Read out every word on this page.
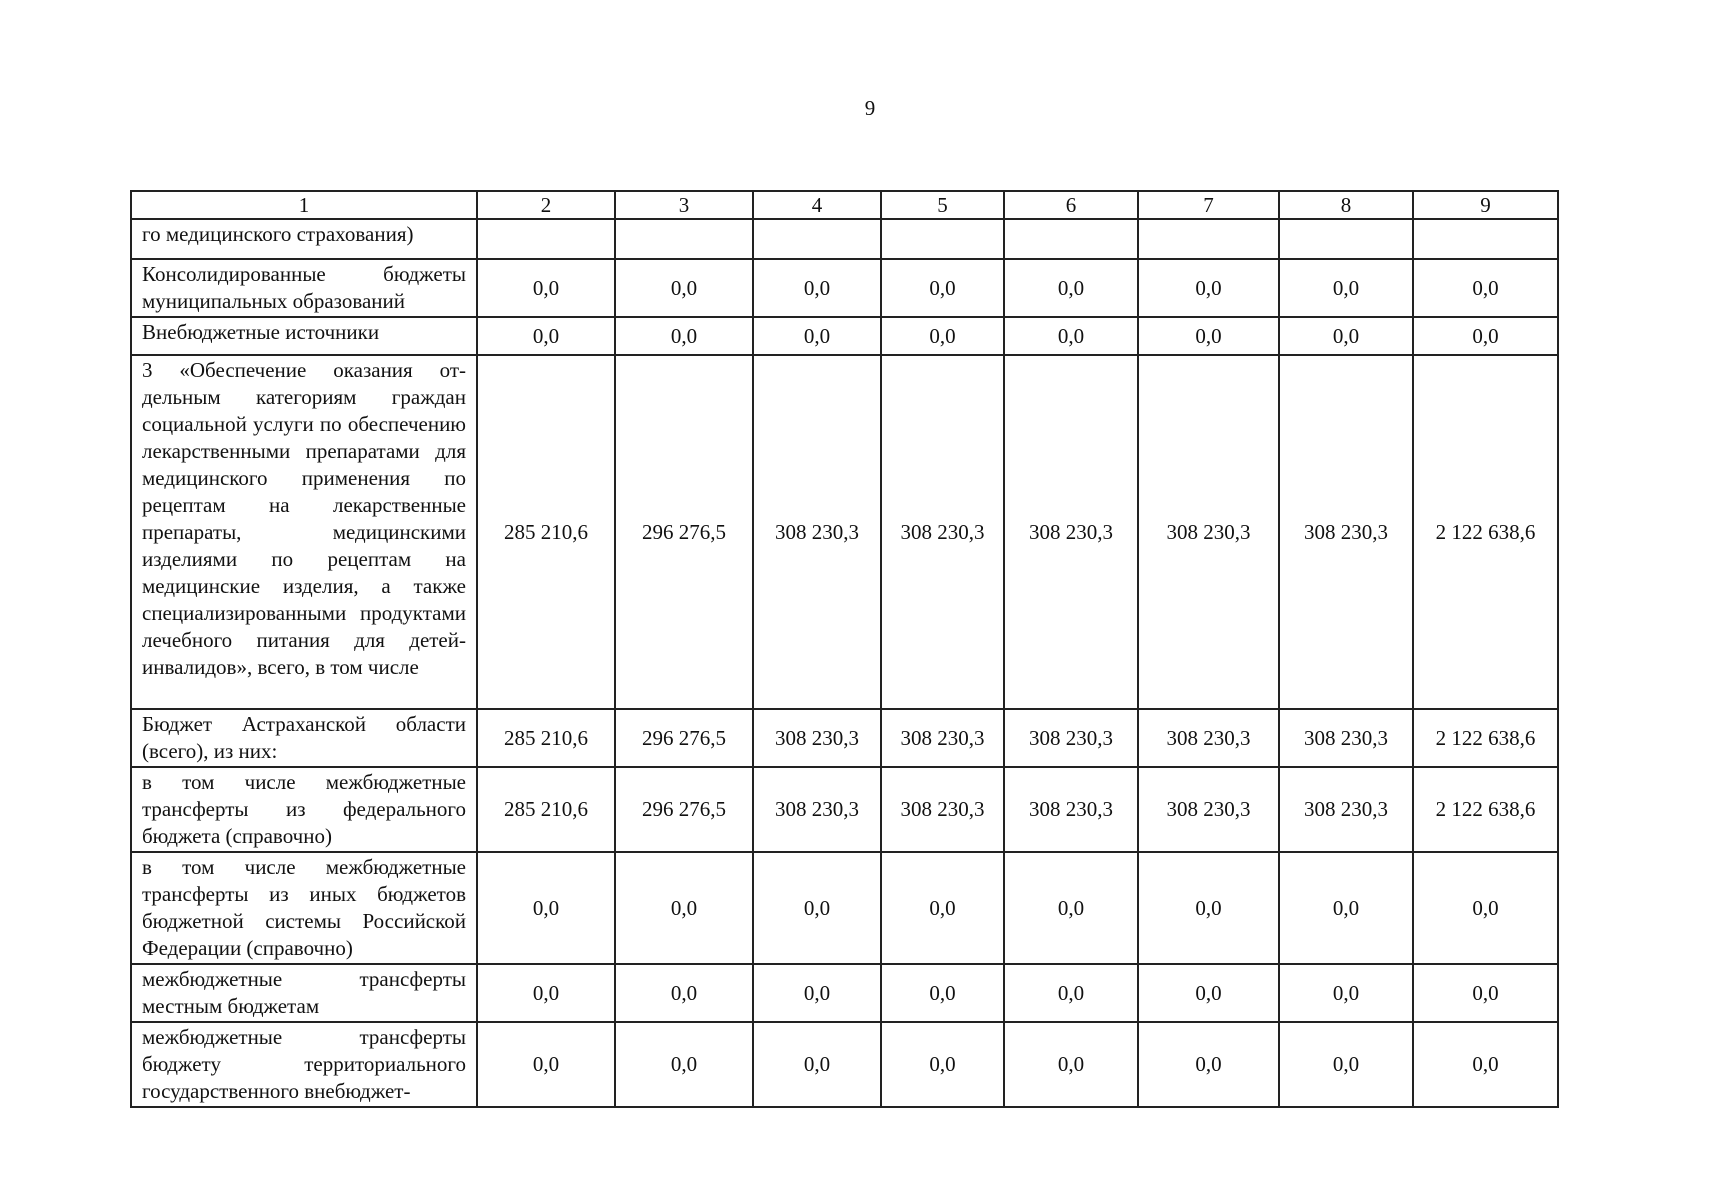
9
1	2	3	4	5	6	7	8	9
го медицинского страхования)								
Консолидированные бюджеты муниципальных образований	0,0	0,0	0,0	0,0	0,0	0,0	0,0	0,0
Внебюджетные источники	0,0	0,0	0,0	0,0	0,0	0,0	0,0	0,0
3 «Обеспечение оказания отдельным категориям граждан социальной услуги по обеспечению лекарственными препаратами для медицинского применения по рецептам на лекарственные препараты, медицинскими изделиями по рецептам на медицинские изделия, а также специализированными продуктами лечебного питания для детей-инвалидов», всего, в том числе	285 210,6	296 276,5	308 230,3	308 230,3	308 230,3	308 230,3	308 230,3	2 122 638,6
Бюджет Астраханской области (всего), из них:	285 210,6	296 276,5	308 230,3	308 230,3	308 230,3	308 230,3	308 230,3	2 122 638,6
в том числе межбюджетные трансферты из федерального бюджета (справочно)	285 210,6	296 276,5	308 230,3	308 230,3	308 230,3	308 230,3	308 230,3	2 122 638,6
в том числе межбюджетные трансферты из иных бюджетов бюджетной системы Российской Федерации (справочно)	0,0	0,0	0,0	0,0	0,0	0,0	0,0	0,0
межбюджетные трансферты местным бюджетам	0,0	0,0	0,0	0,0	0,0	0,0	0,0	0,0
межбюджетные трансферты бюджету территориального государственного внебюджет-	0,0	0,0	0,0	0,0	0,0	0,0	0,0	0,0
